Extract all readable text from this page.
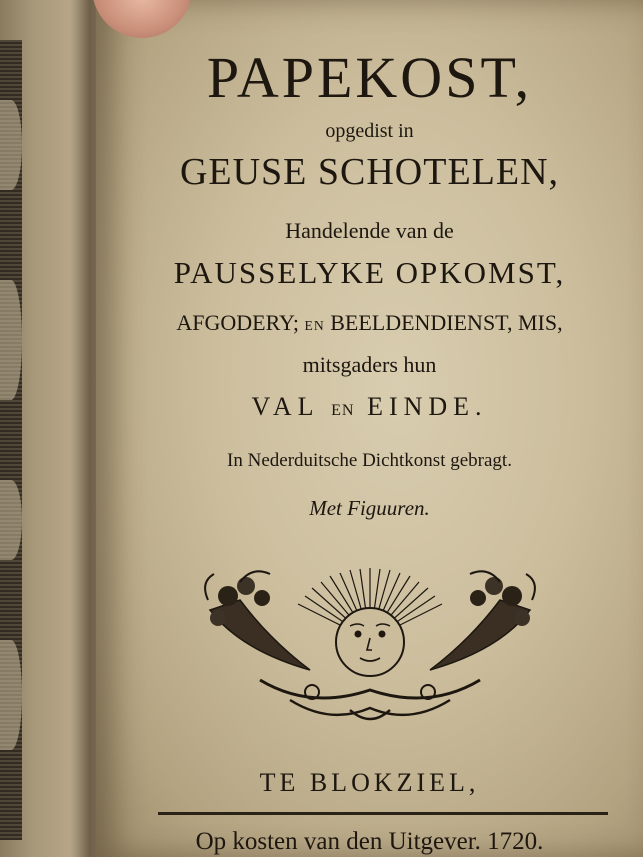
PAPEKOST,
opgedist in
GEUSE SCHOTELEN,
Handelende van de
PAUSSELYKE OPKOMST,
AFGODERY; EN BEELDENDIENST, MIS,
mitsgaders hun
VAL EN EINDE.
In Nederduitsche Dichtkonst gebragt.
Met Figuuren.
TE BLOKZIEL,
Op kosten van den Uitgever. 1720.
